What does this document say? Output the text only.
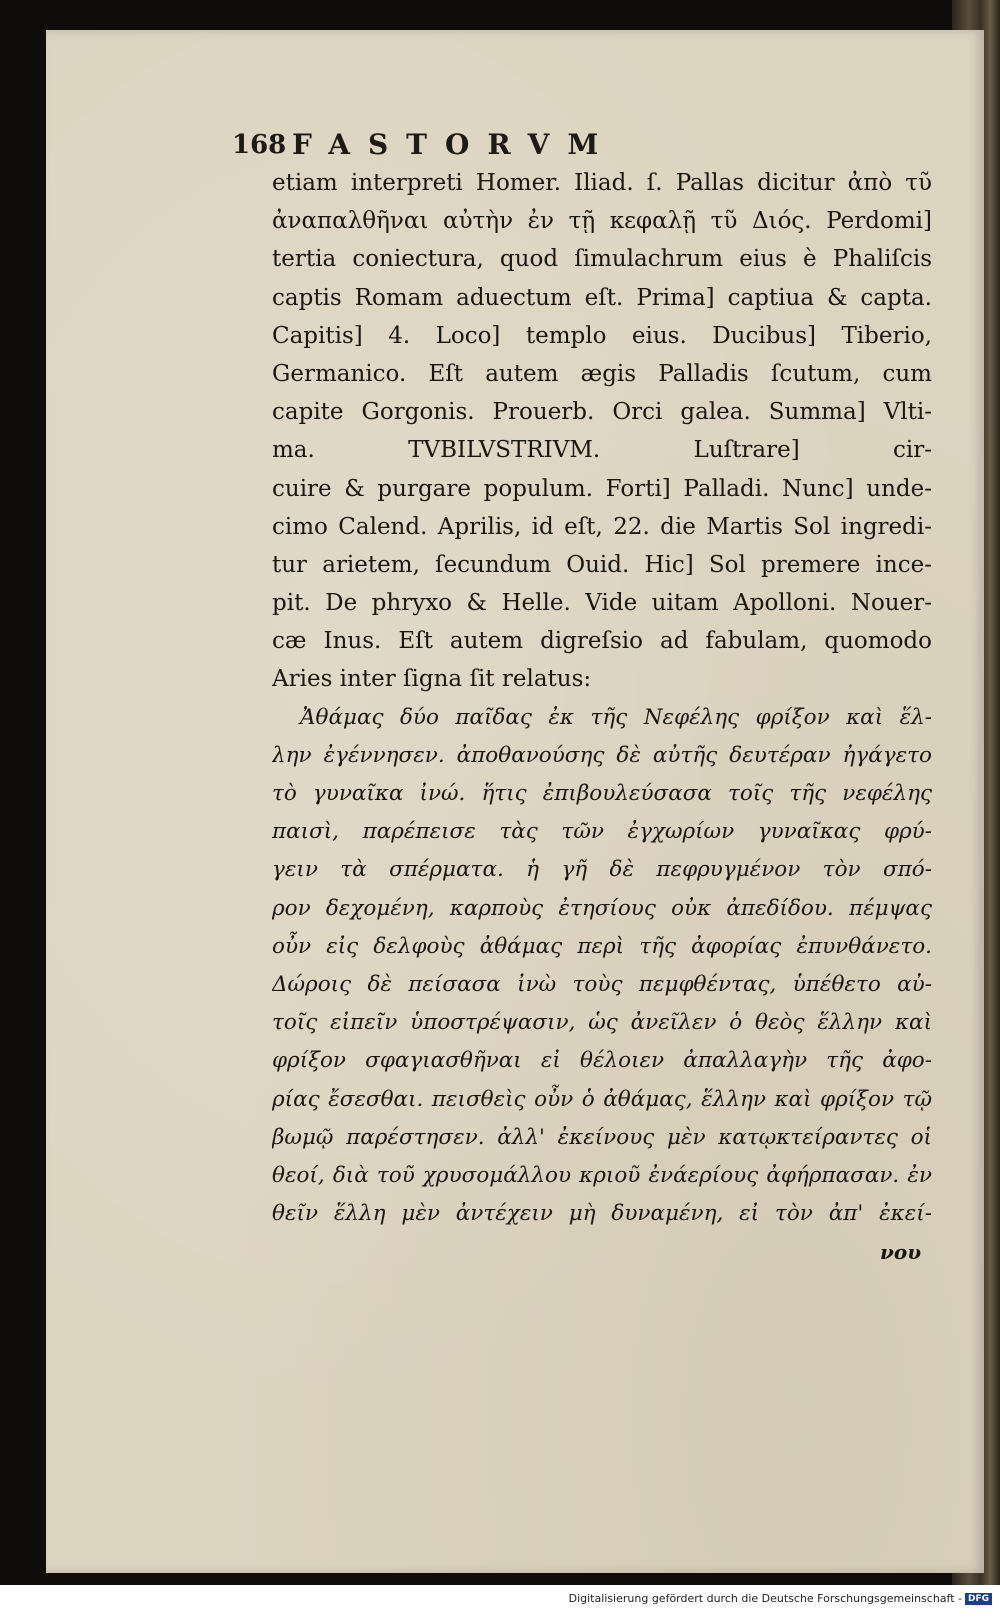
168 FASTORVM
etiam interpreti Homer. Iliad. ſ. Pallas dicitur ἀπὸ τῦ
ἀναπαλθῆναι αὐτὴν ἐν τῇ κεφαλῇ τῦ Διός. Perdomi]
tertia coniectura, quod ſimulachrum eius è Phaliſcis
captis Romam aduectum eſt. Prima] captiua & capta.
Capitis] 4. Loco] templo eius. Ducibus] Tiberio,
Germanico. Eſt autem ægis Palladis ſcutum, cum
capite Gorgonis. Prouerb. Orci galea. Summa] Vlti-
ma. TVBILVSTRIVM. Luſtrare] cir-
cuire & purgare populum. Forti] Palladi. Nunc] unde-
cimo Calend. Aprilis, id eſt, 22. die Martis Sol ingredi-
tur arietem, ſecundum Ouid. Hic] Sol premere ince-
pit. De phryxo & Helle. Vide uitam Apolloni. Nouer-
cæ Inus. Eſt autem digreſsio ad fabulam, quomodo
Aries inter ſigna ſit relatus:
Ἀθάμας δύο παῖδας ἐκ τῆς Νεφέλης φρίξον καὶ ἕλ-
λην ἐγέννησεν. ἀποθανούσης δὲ αὐτῆς δευτέραν ἠγάγετο
τὸ γυναῖκα ἰνώ. ἥτις ἐπιβουλεύσασα τοῖς τῆς νεφέλης
παισὶ, παρέπεισε τὰς τῶν ἐγχωρίων γυναῖκας φρύ-
γειν τὰ σπέρματα. ἡ γῆ δὲ πεφρυγμένον τὸν σπό-
ρον δεχομένη, καρποὺς ἐτησίους οὐκ ἀπεδίδου. πέμψας
οὖν εἰς δελφοὺς ἀθάμας περὶ τῆς ἀφορίας ἐπυνθάνετο.
Δώροις δὲ πείσασα ἰνὼ τοὺς πεμφθέντας, ὑπέθετο αὐ-
τοῖς εἰπεῖν ὑποστρέψασιν, ὡς ἀνεῖλεν ὁ θεὸς ἕλλην καὶ
φρίξον σφαγιασθῆναι εἰ θέλοιεν ἀπαλλαγὴν τῆς ἀφο-
ρίας ἔσεσθαι. πεισθεὶς οὖν ὁ ἀθάμας, ἕλλην καὶ φρίξον τῷ
βωμῷ παρέστησεν. ἀλλ' ἐκείνους μὲν κατῳκτείραντες οἱ
θεοί, διὰ τοῦ χρυσομάλλου κριοῦ ἐνάερίους ἀφήρπασαν. ἐν
θεῖν ἕλλη μὲν ἀντέχειν μὴ δυναμένη, εἰ τὸν ἀπ' ἐκεί-
νου
Digitalisierung gefördert durch die Deutsche Forschungsgemeinschaft - DFG
